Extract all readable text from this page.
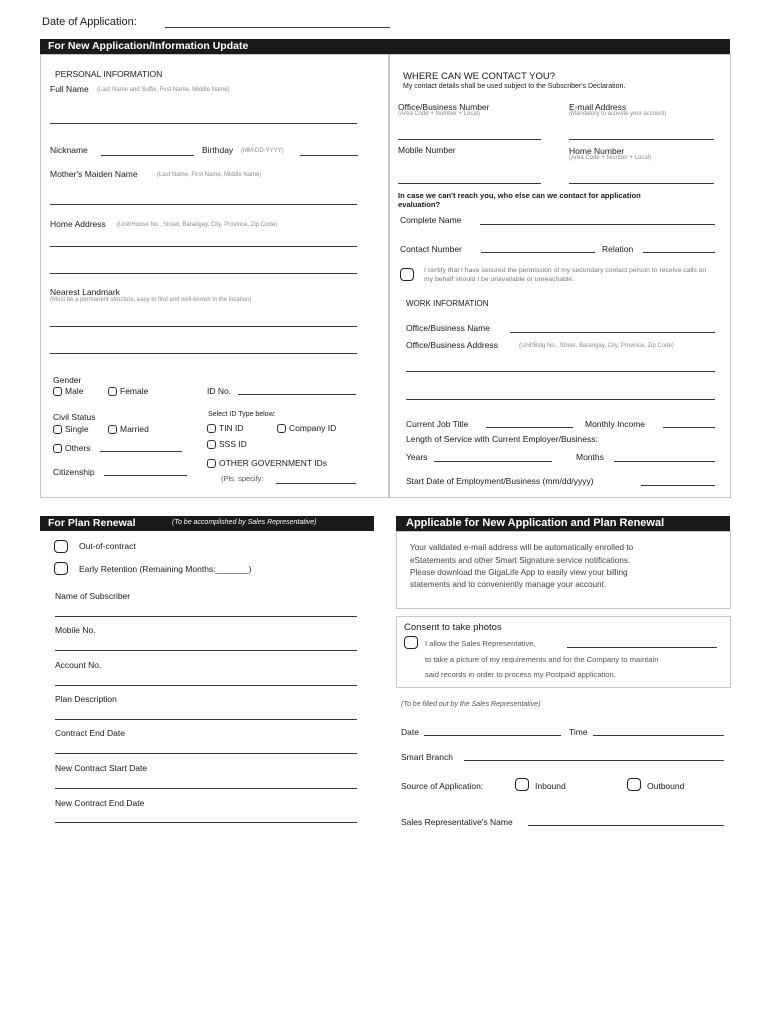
Date of Application:
For New Application/Information Update
PERSONAL INFORMATION
Full Name (Last Name and Suffix, First Name, Middle Name)
Nickname	Birthday (MM-DD-YYYY)
Mother's Maiden Name	(Last Name, First Name, Middle Name)
Home Address (Unit/House No., Street, Barangay, City, Province, Zip Code)
Nearest Landmark
(Must be a permanent structure, easy to find and well-known in the location)
Gender
Male	Female	ID No.
Civil Status
Single	Married
Others
Select ID Type below:
TIN ID	Company ID
SSS ID
OTHER GOVERNMENT IDs
(Pls. specify:
Citizenship
WHERE CAN WE CONTACT YOU?
My contact details shall be used subject to the Subscriber's Declaration.
Office/Business Number
(Area Code + Number + Local)
E-mail Address
(Mandatory to activate your account)
Mobile Number	Home Number
(Area Code + Number + Local)
In case we can't reach you, who else can we contact for application evaluation?
Complete Name
Contact Number	Relation
I certify that I have secured the permission of my secondary contact person to receive calls on my behalf should I be unavailable or unreachable.
WORK INFORMATION
Office/Business Name
Office/Business Address	(Unit/Bldg No., Street, Barangay, City, Province, Zip Code)
Current Job Title	Monthly Income
Length of Service with Current Employer/Business:
Years	Months
Start Date of Employment/Business (mm/dd/yyyy)
For Plan Renewal	(To be accomplished by Sales Representative)
Out-of-contract
Early Retention (Remaining Months:_______)
Name of Subscriber
Mobile No.
Account No.
Plan Description
Contract End Date
New Contract Start Date
New Contract End Date
Applicable for New Application and Plan Renewal
Your validated e-mail address will be automatically enrolled to
eStatements and other Smart Signature service notifications.
Please download the GigaLife App to easily view your billing
statements and to conveniently manage your account.
Consent to take photos
I allow the Sales Representative,
to take a picture of my requirements and for the Company to maintain
said records in order to process my Postpaid application.
(To be filled out by the Sales Representative)
Date	Time
Smart Branch
Source of Application:	Inbound	Outbound
Sales Representative's Name
